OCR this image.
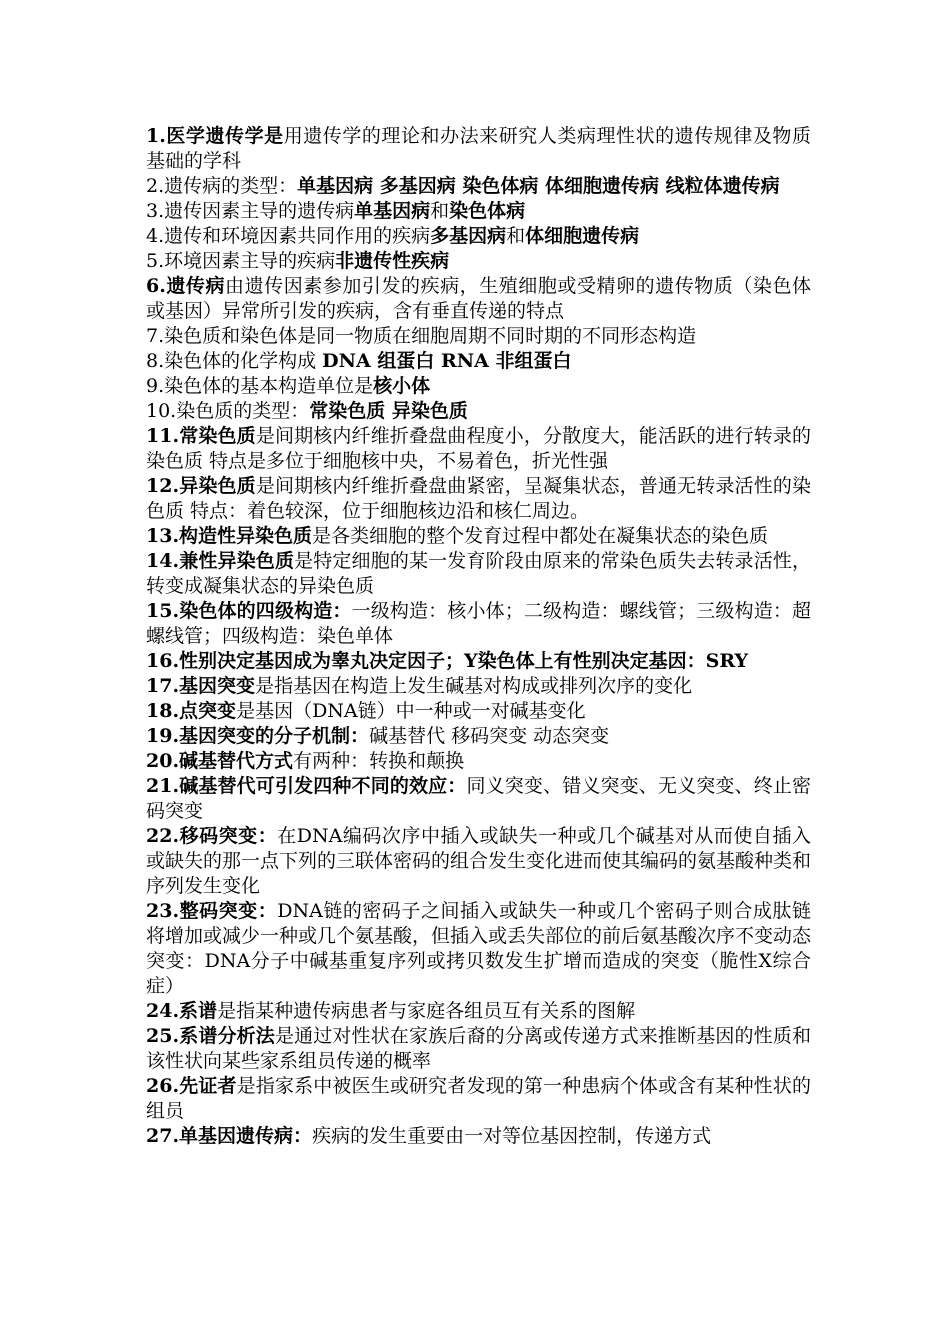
1.医学遗传学是用遗传学的理论和办法来研究人类病理性状的遗传规律及物质基础的学科

2.遗传病的类型：单基因病 多基因病 染色体病 体细胞遗传病 线粒体遗传病

3.遗传因素主导的遗传病单基因病和染色体病

4.遗传和环境因素共同作用的疾病多基因病和体细胞遗传病

5.环境因素主导的疾病非遗传性疾病

6.遗传病由遗传因素参加引发的疾病，生殖细胞或受精卵的遗传物质（染色体或基因）异常所引发的疾病，含有垂直传递的特点

7.染色质和染色体是同一物质在细胞周期不同时期的不同形态构造

8.染色体的化学构成 DNA 组蛋白 RNA 非组蛋白

9.染色体的基本构造单位是核小体

10.染色质的类型：常染色质 异染色质

11.常染色质是间期核内纤维折叠盘曲程度小，分散度大，能活跃的进行转录的染色质 特点是多位于细胞核中央，不易着色，折光性强

12.异染色质是间期核内纤维折叠盘曲紧密，呈凝集状态，普通无转录活性的染色质 特点：着色较深，位于细胞核边沿和核仁周边。

13.构造性异染色质是各类细胞的整个发育过程中都处在凝集状态的染色质

14.兼性异染色质是特定细胞的某一发育阶段由原来的常染色质失去转录活性，转变成凝集状态的异染色质

15.染色体的四级构造：一级构造：核小体；二级构造：螺线管；三级构造：超螺线管；四级构造：染色单体

16.性别决定基因成为睾丸决定因子；Y染色体上有性别决定基因：SRY

17.基因突变是指基因在构造上发生碱基对构成或排列次序的变化

18.点突变是基因（DNA链）中一种或一对碱基变化

19.基因突变的分子机制：碱基替代 移码突变 动态突变

20.碱基替代方式有两种：转换和颠换

21.碱基替代可引发四种不同的效应：同义突变、错义突变、无义突变、终止密码突变

22.移码突变：在DNA编码次序中插入或缺失一种或几个碱基对从而使自插入或缺失的那一点下列的三联体密码的组合发生变化进而使其编码的氨基酸种类和序列发生变化

23.整码突变：DNA链的密码子之间插入或缺失一种或几个密码子则合成肽链将增加或减少一种或几个氨基酸，但插入或丢失部位的前后氨基酸次序不变动态突变：DNA分子中碱基重复序列或拷贝数发生扩增而造成的突变（脆性X综合症）

24.系谱是指某种遗传病患者与家庭各组员互有关系的图解

25.系谱分析法是通过对性状在家族后裔的分离或传递方式来推断基因的性质和该性状向某些家系组员传递的概率

26.先证者是指家系中被医生或研究者发现的第一种患病个体或含有某种性状的组员

27.单基因遗传病：疾病的发生重要由一对等位基因控制，传递方式
